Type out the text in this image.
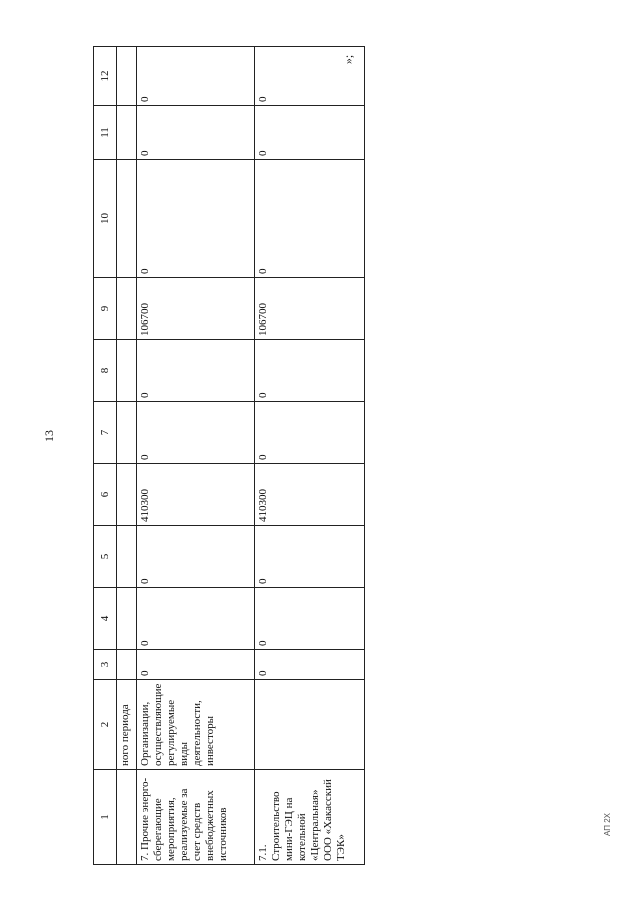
13
»;
АП 2Х
1	2	3	4	5	6	7	8	9	10	11	12
	ного периода										
7. Прочие энерго-сберегающие мероприятия, реализуемые за счет средств внебюджетных источников	Организации, осуществляющие регулируемые виды деятельности, инвесторы	0	0	0	410300	0	0	106700	0	0	0
7.1. Строительство мини-ГЭЦ на котельной «Центральная» ООО «Хакасский ТЭК»		0	0	0	410300	0	0	106700	0	0	0
